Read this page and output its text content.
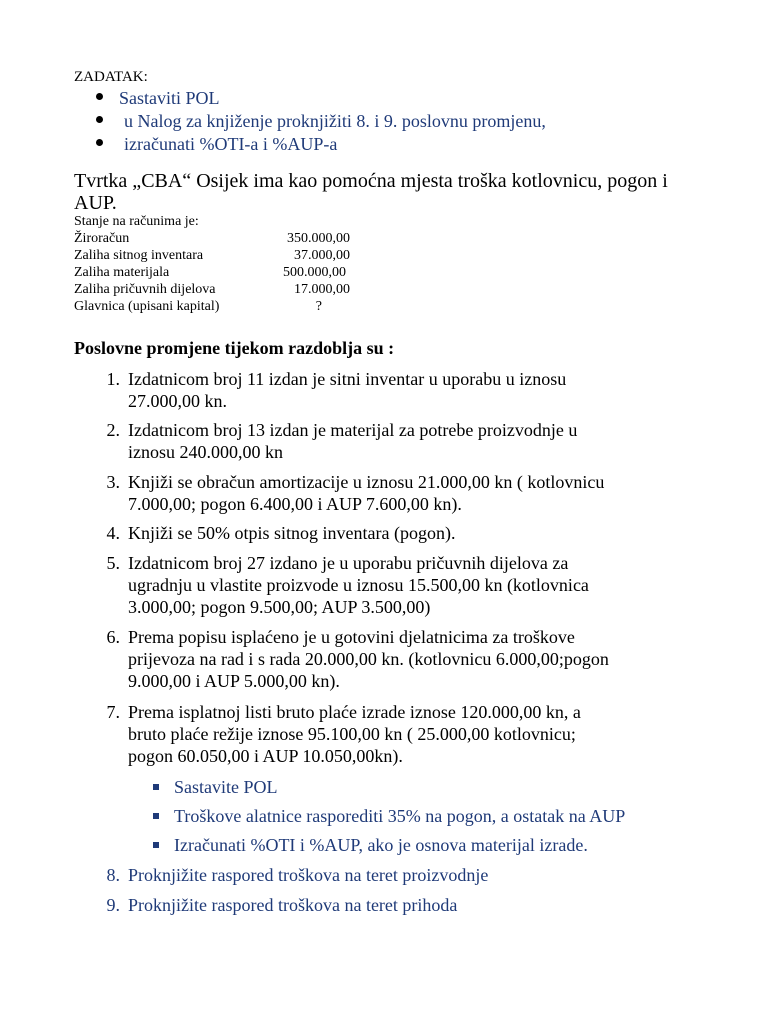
ZADATAK:
Sastaviti POL
u Nalog za knjiženje proknjižiti 8. i 9. poslovnu promjenu,
izračunati %OTI-a i %AUP-a
Tvrtka „CBA“ Osijek ima kao pomoćna mjesta troška kotlovnicu, pogon i
AUP.
Stanje na računima je:
Žiroračun	350.000,00
Zaliha sitnog inventara	37.000,00
Zaliha materijala	500.000,00
Zaliha pričuvnih dijelova	17.000,00
Glavnica (upisani kapital)	?
Poslovne promjene tijekom razdoblja su :
1. Izdatnicom broj 11 izdan je sitni inventar u uporabu u iznosu
27.000,00 kn.
2. Izdatnicom broj 13 izdan je materijal za potrebe proizvodnje u
iznosu 240.000,00 kn
3. Knjiži se obračun amortizacije u iznosu 21.000,00 kn ( kotlovnicu
7.000,00; pogon 6.400,00 i AUP 7.600,00 kn).
4. Knjiži se 50% otpis sitnog inventara (pogon).
5. Izdatnicom broj 27 izdano je u uporabu pričuvnih dijelova za
ugradnju u vlastite proizvode u iznosu 15.500,00 kn (kotlovnica
3.000,00; pogon 9.500,00; AUP 3.500,00)
6. Prema popisu isplaćeno je u gotovini djelatnicima za troškove
prijevoza na rad i s rada 20.000,00 kn. (kotlovnicu 6.000,00;pogon
9.000,00 i AUP 5.000,00 kn).
7. Prema isplatnoj listi bruto plaće izrade iznose 120.000,00 kn, a
bruto plaće režije iznose 95.100,00 kn ( 25.000,00 kotlovnicu;
pogon 60.050,00 i AUP 10.050,00kn).
Sastavite POL
Troškove alatnice rasporediti 35% na pogon, a ostatak na AUP
Izračunati %OTI i %AUP, ako je osnova materijal izrade.
8. Proknjižite raspored troškova na teret proizvodnje
9. Proknjižite raspored troškova na teret prihoda
